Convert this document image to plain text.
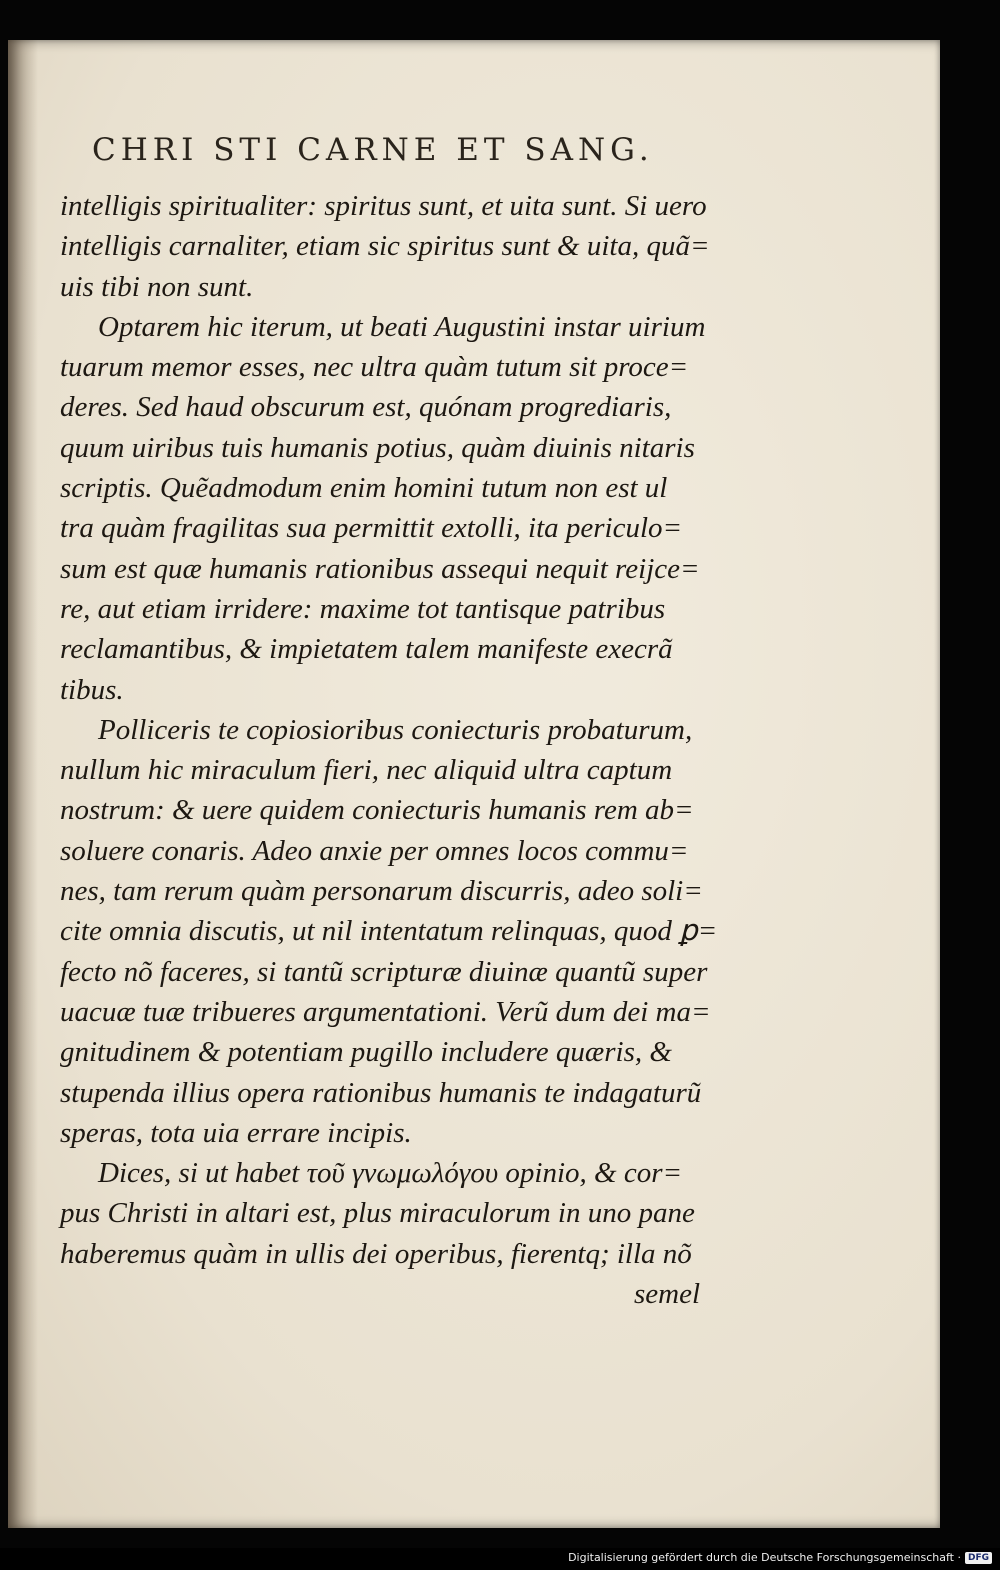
CHRI STI CARNE ET SANG.
intelligis spiritualiter: spiritus sunt, et uita sunt. Si uero
intelligis carnaliter, etiam sic spiritus sunt & uita, quã=
uis tibi non sunt.
Optarem hic iterum, ut beati Augustini instar uirium
tuarum memor esses, nec ultra quàm tutum sit proce=
deres. Sed haud obscurum est, quónam progrediaris,
quum uiribus tuis humanis potius, quàm diuinis nitaris
scriptis. Quẽadmodum enim homini tutum non est ul
tra quàm fragilitas sua permittit extolli, ita periculo=
sum est quæ humanis rationibus assequi nequit reijce=
re, aut etiam irridere: maxime tot tantisque patribus
reclamantibus, & impietatem talem manifeste execrã
tibus.
Polliceris te copiosioribus coniecturis probaturum,
nullum hic miraculum fieri, nec aliquid ultra captum
nostrum: & uere quidem coniecturis humanis rem ab=
soluere conaris. Adeo anxie per omnes locos commu=
nes, tam rerum quàm personarum discurris, adeo soli=
cite omnia discutis, ut nil intentatum relinquas, quod ꝑ=
fecto nõ faceres, si tantũ scripturæ diuinæ quantũ super
uacuæ tuæ tribueres argumentationi. Verũ dum dei ma=
gnitudinem & potentiam pugillo includere quæris, &
stupenda illius opera rationibus humanis te indagaturũ
speras, tota uia errare incipis.
Dices, si ut habet τοῦ γνωμωλόγου opinio, & cor=
pus Christi in altari est, plus miraculorum in uno pane
haberemus quàm in ullis dei operibus, fierentq; illa nõ
semel
Digitalisierung gefördert durch die Deutsche Forschungsgemeinschaft · DFG
